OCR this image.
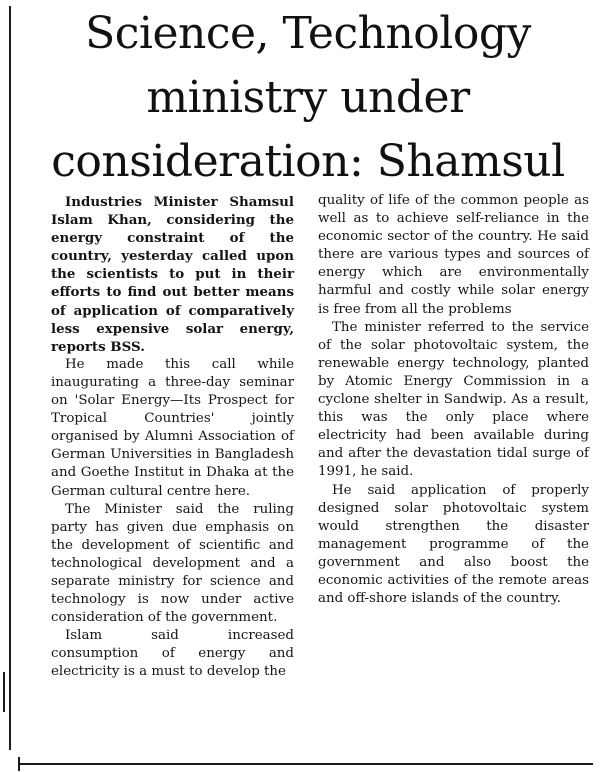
Science, Technology
ministry under
consideration: Shamsul

Industries Minister Shamsul Islam Khan, considering the energy constraint of the country, yesterday called upon the scientists to put in their efforts to find out better means of application of comparatively less expensive solar energy, reports BSS.

He made this call while inaugurating a three-day seminar on 'Solar Energy—Its Prospect for Tropical Countries' jointly organised by Alumni Association of German Universities in Bangladesh and Goethe Institut in Dhaka at the German cultural centre here.

The Minister said the ruling party has given due emphasis on the development of scientific and technological development and a separate ministry for science and technology is now under active consideration of the government.

Islam said increased consumption of energy and electricity is a must to develop the

quality of life of the common people as well as to achieve self-reliance in the economic sector of the country. He said there are various types and sources of energy which are environmentally harmful and costly while solar energy is free from all the problems

The minister referred to the service of the solar photovoltaic system, the renewable energy technology, planted by Atomic Energy Commission in a cyclone shelter in Sandwip. As a result, this was the only place where electricity had been available during and after the devastation tidal surge of 1991, he said.

He said application of properly designed solar photovoltaic system would strengthen the disaster management programme of the government and also boost the economic activities of the remote areas and off-shore islands of the country.
